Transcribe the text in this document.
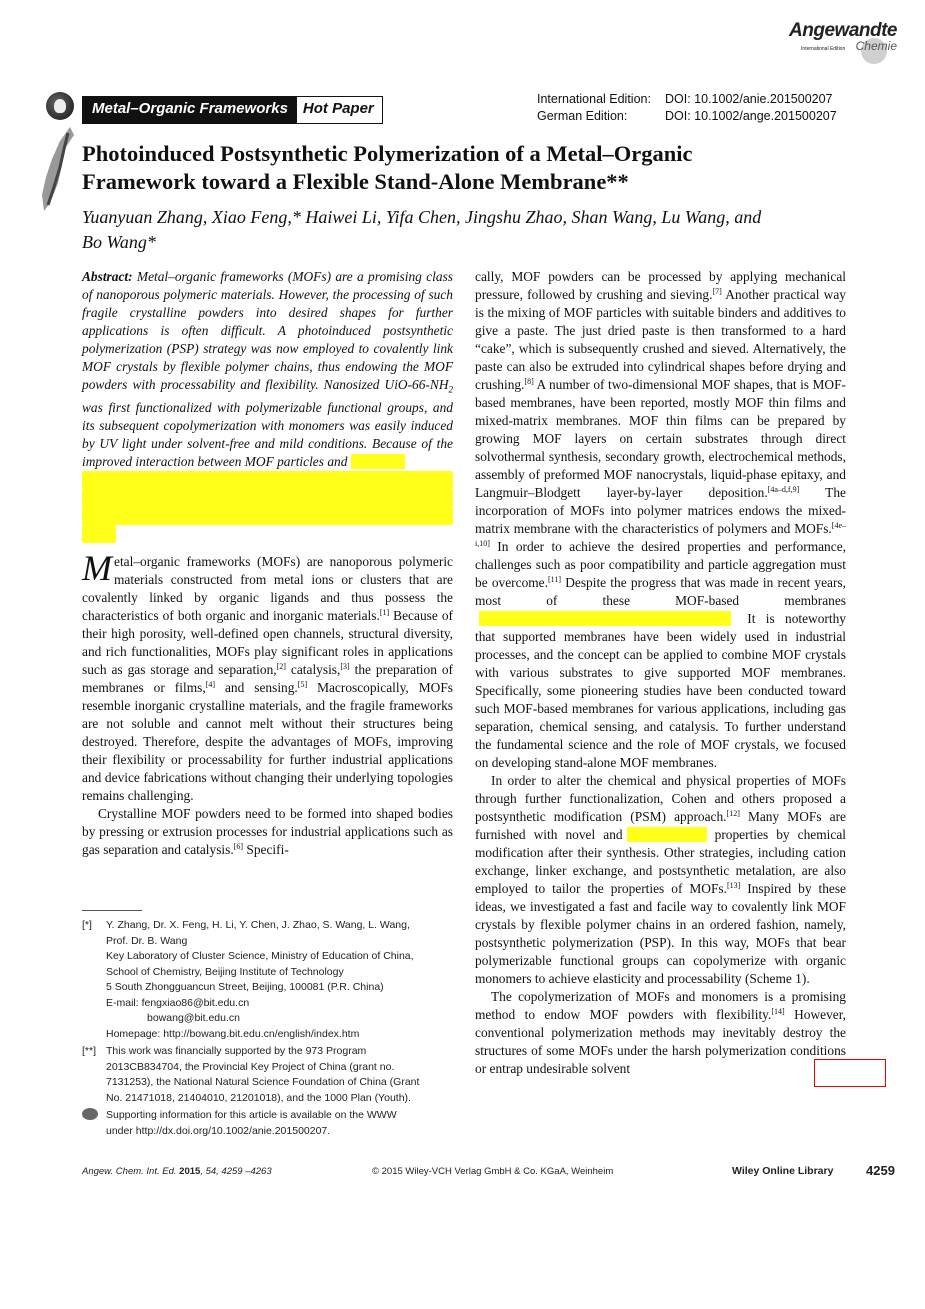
Angewandte
International Edition Chemie
Metal–Organic Frameworks	Hot Paper
International Edition:	DOI: 10.1002/anie.201500207
German Edition:	DOI: 10.1002/ange.201500207
Photoinduced Postsynthetic Polymerization of a Metal–Organic
Framework toward a Flexible Stand-Alone Membrane**
Yuanyuan Zhang, Xiao Feng,* Haiwei Li, Yifa Chen, Jingshu Zhao, Shan Wang, Lu Wang, and
Bo Wang*

Abstract: Metal–organic frameworks (MOFs) are a promising class of nanoporous polymeric materials. However, the processing of such fragile crystalline powders into desired shapes for further applications is often difficult. A photoinduced postsynthetic polymerization (PSP) strategy was now employed to covalently link MOF crystals by flexible polymer chains, thus endowing the MOF powders with processability and flexibility. Nanosized UiO-$66-NH_2$ was first functionalized with polymerizable functional groups, and its subsequent copolymerization with monomers was easily induced by UV light under solvent-free and mild conditions. Because of the improved interaction between MOF particles and

Metal–organic frameworks (MOFs) are nanoporous polymeric materials constructed from metal ions or clusters that are covalently linked by organic ligands and thus possess the characteristics of both organic and inorganic materials.[1] Because of their high porosity, well-defined open channels, structural diversity, and rich functionalities, MOFs play significant roles in applications such as gas storage and separation,[2] catalysis,[3] the preparation of membranes or films,[4] and sensing.[5] Macroscopically, MOFs resemble inorganic crystalline materials, and the fragile frameworks are not soluble and cannot melt without their structures being destroyed. Therefore, despite the advantages of MOFs, improving their flexibility or processability for further industrial applications and device fabrications without changing their underlying topologies remains challenging.

Crystalline MOF powders need to be formed into shaped bodies by pressing or extrusion processes for industrial applications such as gas separation and catalysis.[6] Specifi-

cally, MOF powders can be processed by applying mechanical pressure, followed by crushing and sieving.[7] Another practical way is the mixing of MOF particles with suitable binders and additives to give a paste. The just dried paste is then transformed to a hard “cake”, which is subsequently crushed and sieved. Alternatively, the paste can also be extruded into cylindrical shapes before drying and crushing.[8] A number of two-dimensional MOF shapes, that is MOF-based membranes, have been reported, mostly MOF thin films and mixed-matrix membranes. MOF thin films can be prepared by growing MOF layers on certain substrates through direct solvothermal synthesis, secondary growth, electrochemical methods, assembly of preformed MOF nanocrystals, liquid-phase epitaxy, and Langmuir–Blodgett layer-by-layer deposition.[4a–d,f,9] The incorporation of MOFs into polymer matrices endows the mixed-matrix membrane with the characteristics of polymers and MOFs.[4e–i,10] In order to achieve the desired properties and performance, challenges such as poor compatibility and particle aggregation must be overcome.[11] Despite the progress that was made in recent years, most of these MOF-based membranes It is noteworthy that supported membranes have been widely used in industrial processes, and the concept can be applied to combine MOF crystals with various substrates to give supported MOF membranes. Specifically, some pioneering studies have been conducted toward such MOF-based membranes for various applications, including gas separation, chemical sensing, and catalysis. To further understand the fundamental science and the role of MOF crystals, we focused on developing stand-alone MOF membranes.

In order to alter the chemical and physical properties of MOFs through further functionalization, Cohen and others proposed a postsynthetic modification (PSM) approach.[12] Many MOFs are furnished with novel and	properties by chemical modification after their synthesis. Other strategies, including cation exchange, linker exchange, and postsynthetic metalation, are also employed to tailor the properties of MOFs.[13] Inspired by these ideas, we investigated a fast and facile way to covalently link MOF crystals by flexible polymer chains in an ordered fashion, namely, postsynthetic polymerization (PSP). In this way, MOFs that bear polymerizable functional groups can copolymerize with organic monomers to achieve elasticity and processability (Scheme 1).

The copolymerization of MOFs and monomers is a promising method to endow MOF powders with flexibility.[14] However, conventional polymerization methods may inevitably destroy the structures of some MOFs under the harsh polymerization conditions or entrap undesirable solvent

[*]	Y. Zhang, Dr. X. Feng, H. Li, Y. Chen, J. Zhao, S. Wang, L. Wang,
Prof. Dr. B. Wang
Key Laboratory of Cluster Science, Ministry of Education of China,
School of Chemistry, Beijing Institute of Technology
5 South Zhongguancun Street, Beijing, 100081 (P.R. China)
E-mail: fengxiao86@bit.edu.cn
bowang@bit.edu.cn
Homepage: http://bowang.bit.edu.cn/english/index.htm
[**] This work was financially supported by the 973 Program
2013CB834704, the Provincial Key Project of China (grant no.
7131253), the National Natural Science Foundation of China (Grant
No. 21471018, 21404010, 21201018), and the 1000 Plan (Youth).
Supporting information for this article is available on the WWW
under http://dx.doi.org/10.1002/anie.201500207.
Angew. Chem. Int. Ed. 2015, 54, 4259 –4263	© 2015 Wiley-VCH Verlag GmbH & Co. KGaA, Weinheim	Wiley Online Library	4259
